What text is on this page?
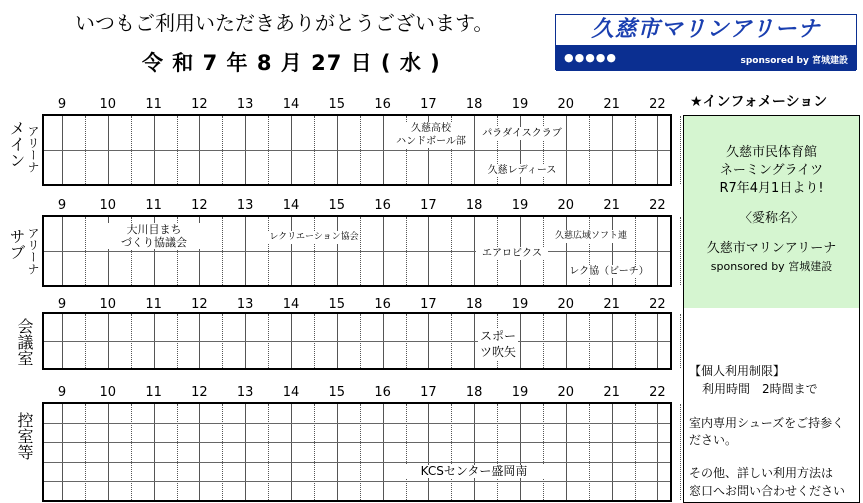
いつもご利用いただきありがとうございます。
令 和 7 年 8 月 27 日 ( 水 )
久慈市マリンアリーナ
●●●●●	sponsored by 宮城建設
9	10 11 12 13 14 15 16 17 18 19 20 21 22
メイン アリーナ	久慈高校
ハンドボール部
パラダイスクラブ
久慈レディース
9	10 11 12 13 14 15 16 17 18 19 20 21 22
サブ アリーナ	大川目まち
づくり協議会	レクリエーション協会
エアロビクス
久慈広域ソフト連
レク協（ビーチ）
9	10 11 12 13 14 15 16 17 18 19 20 21 22
会議室	スポー
ツ吹矢
9	10 11 12 13 14 15 16 17 18 19 20 21 22
控室等
KCSセンター盛岡南
★インフォメーション
久慈市民体育館
ネーミングライツ
R7年4月1日より!
〈愛称名〉
久慈市マリンアリーナ
sponsored by 宮城建設
【個人利用制限】
利用時間　2時間まで
室内専用シューズをご持参く
ださい。
その他、詳しい利用方法は
窓口へお問い合わせください
